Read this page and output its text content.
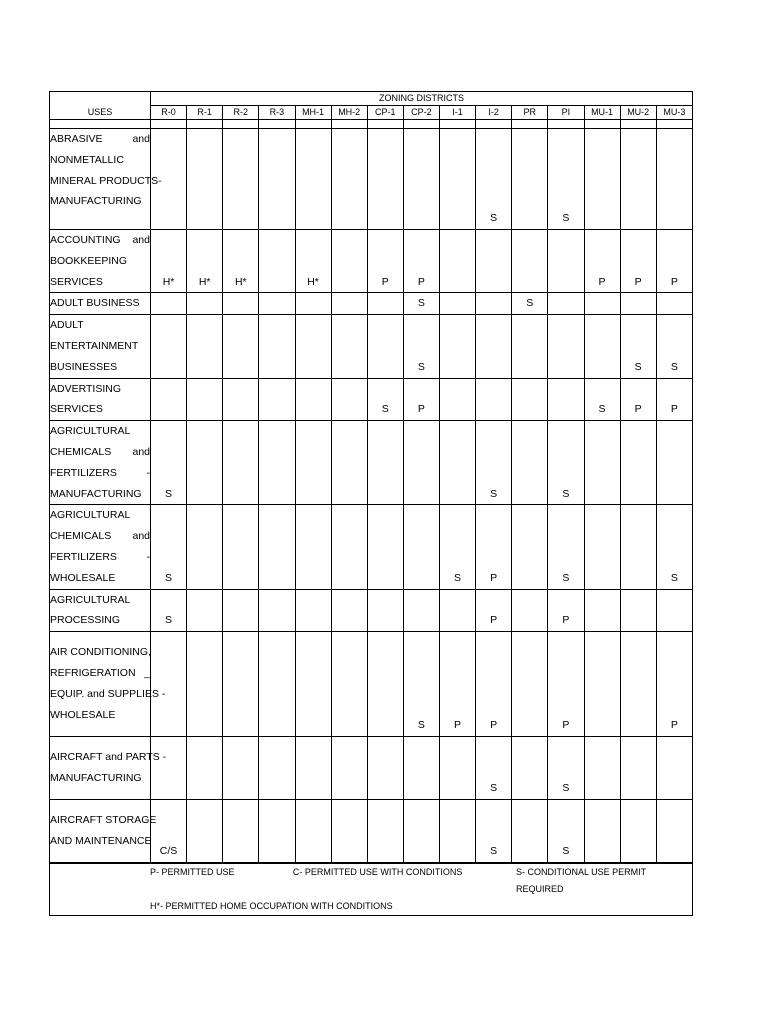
	ZONING DISTRICTS														
USES	R-0	R-1	R-2	R-3	MH-1	MH-2	CP-1	CP-2	I-1	I-2	PR	PI	MU-1	MU-2	MU-3

ABRASIVE and
NONMETALLIC
MINERAL PRODUCTS-
MANUFACTURING										S		S			

ACCOUNTING and
BOOKKEEPING
SERVICES	H*	H*	H*		H*		P	P					P	P	P

ADULT BUSINESS								S			S				

ADULT
ENTERTAINMENT
BUSINESSES								S						S	S

ADVERTISING
SERVICES							S	P					S	P	P

AGRICULTURAL
CHEMICALS and
FERTILIZERS -
MANUFACTURING	S									S		S			

AGRICULTURAL
CHEMICALS and
FERTILIZERS -
WHOLESALE	S								S	P		S			S

AGRICULTURAL
PROCESSING	S									P		P			

AIR CONDITIONING,
REFRIGERATION _
EQUIP. and SUPPLIES -
WHOLESALE								S	P	P		P			P

AIRCRAFT and PARTS -
MANUFACTURING										S		S			

AIRCRAFT STORAGE
AND MAINTENANCE	C/S									S		S			

P- PERMITTED USE C- PERMITTED USE WITH CONDITIONS S- CONDITIONAL USE PERMIT REQUIRED
H*- PERMITTED HOME OCCUPATION WITH CONDITIONS															
